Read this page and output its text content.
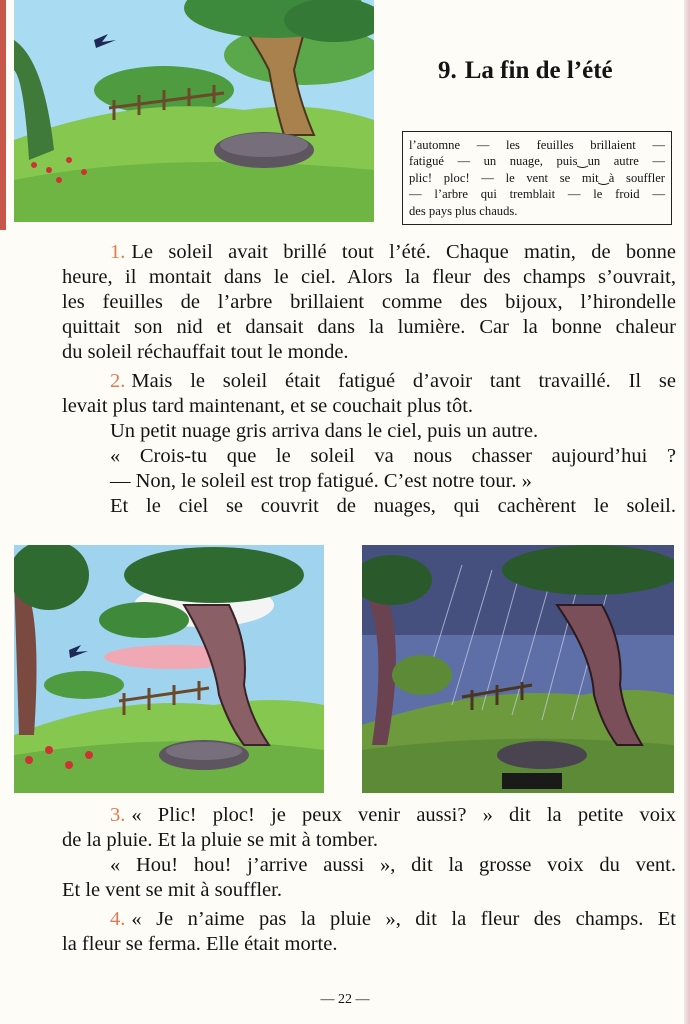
9. La fin de l’été
l’automne — les feuilles brillaient —
fatigué — un nuage, puis‿un autre —
plic! ploc! — le vent se mit‿à souffler
— l’arbre qui tremblait — le froid —
des pays plus chauds.
1. Le soleil avait brillé tout l’été. Chaque matin, de bonne
heure, il montait dans le ciel. Alors la fleur des champs s’ouvrait,
les feuilles de l’arbre brillaient comme des bijoux, l’hirondelle
quittait son nid et dansait dans la lumière. Car la bonne chaleur
du soleil réchauffait tout le monde.
2. Mais le soleil était fatigué d’avoir tant travaillé. Il se
levait plus tard maintenant, et se couchait plus tôt.
Un petit nuage gris arriva dans le ciel, puis un autre.
« Crois-tu que le soleil va nous chasser aujourd’hui ?
— Non, le soleil est trop fatigué. C’est notre tour. »
Et le ciel se couvrit de nuages, qui cachèrent le soleil.
3. « Plic! ploc! je peux venir aussi? » dit la petite voix
de la pluie. Et la pluie se mit à tomber.
« Hou! hou! j’arrive aussi », dit la grosse voix du vent.
Et le vent se mit à souffler.
4. « Je n’aime pas la pluie », dit la fleur des champs. Et
la fleur se ferma. Elle était morte.
— 22 —
